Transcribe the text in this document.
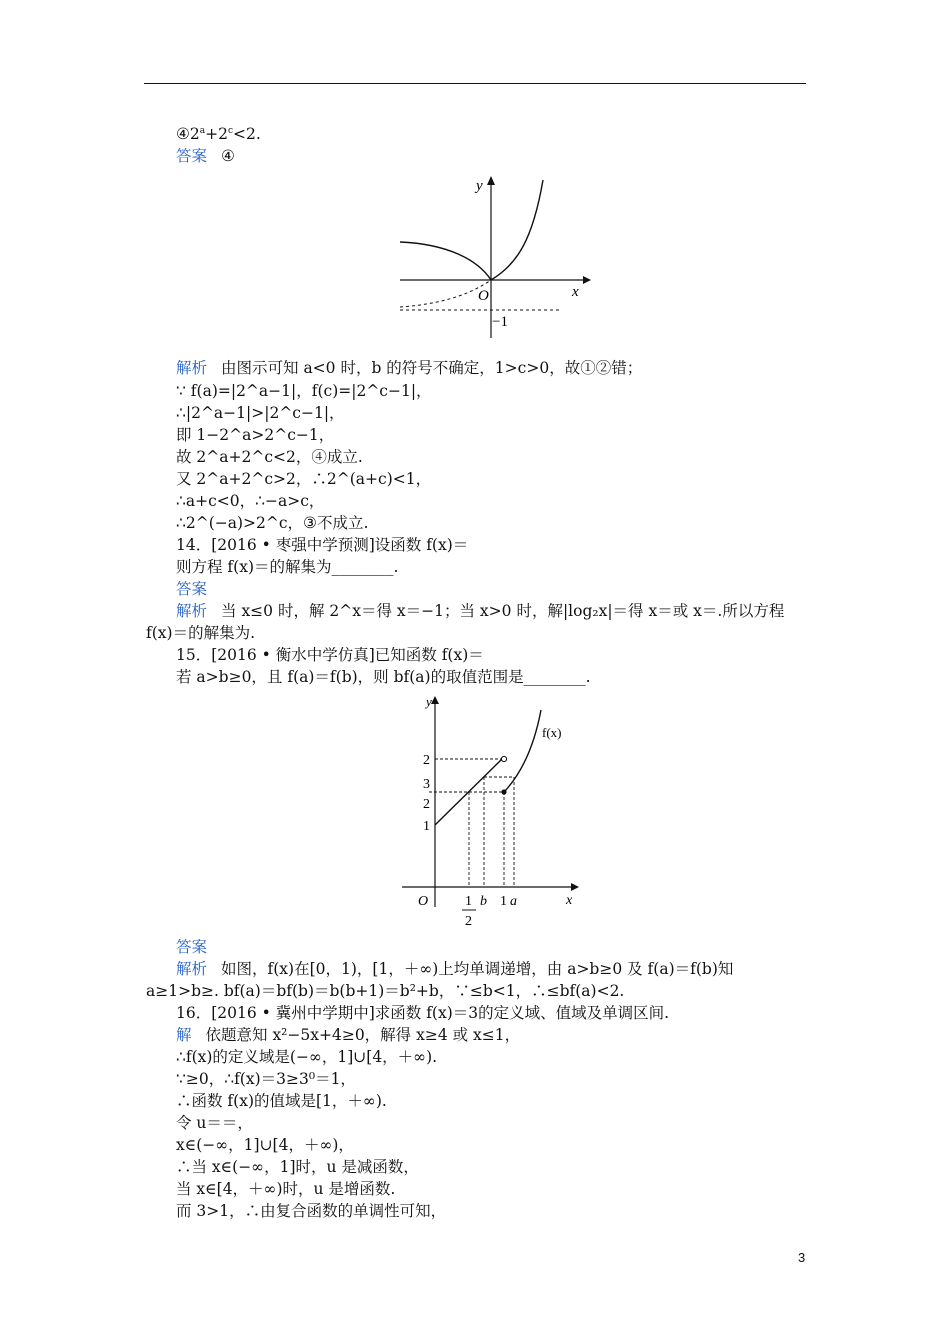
$④2^a+2^c<2$.
答案 ④
y
x
O
−1
解析 由图示可知 a<0 时，b 的符号不确定，1>c>0，故①②错；
∵ f(a)=|2^a−1|，f(c)=|2^c−1|，
∴|2^a−1|>|2^c−1|，
即 1−2^a>2^c−1，
故 2^a+2^c<2，④成立.
又 2^a+2^c>2，∴2^(a+c)<1，
∴a+c<0，∴−a>c，
∴2^(−a)>2^c，③不成立.
14．[2016 • 枣强中学预测]设函数 f(x)＝
则方程 f(x)＝的解集为________.
答案
解析 当 x≤0 时，解 2^x＝得 x＝−1；当 x>0 时，解|log₂x|＝得 x＝或 x＝.所以方程
f(x)＝的解集为.
15．[2016 • 衡水中学仿真]已知函数 f(x)＝
若 a>b≥0，且 f(a)＝f(b)，则 bf(a)的取值范围是________.
y
x
O
f(x)
2
3
2
1
1
2
b 1 a
答案
解析 如图，f(x)在[0，1)，[1，＋∞)上均单调递增，由 a>b≥0 及 f(a)＝f(b)知
a≥1>b≥. bf(a)＝bf(b)＝b(b+1)＝b²+b，∵≤b<1，∴≤bf(a)<2.
16．[2016 • 冀州中学期中]求函数 f(x)＝3的定义域、值域及单调区间.
解 依题意知 x²−5x+4≥0，解得 x≥4 或 x≤1，
∴f(x)的定义域是(−∞，1]∪[4，＋∞).
∵≥0，∴f(x)＝3≥3⁰＝1，
∴函数 f(x)的值域是[1，＋∞).
令 u＝＝，
x∈(−∞，1]∪[4，＋∞)，
∴当 x∈(−∞，1]时，u 是减函数，
当 x∈[4，＋∞)时，u 是增函数.
而 3>1，∴由复合函数的单调性可知，
3
